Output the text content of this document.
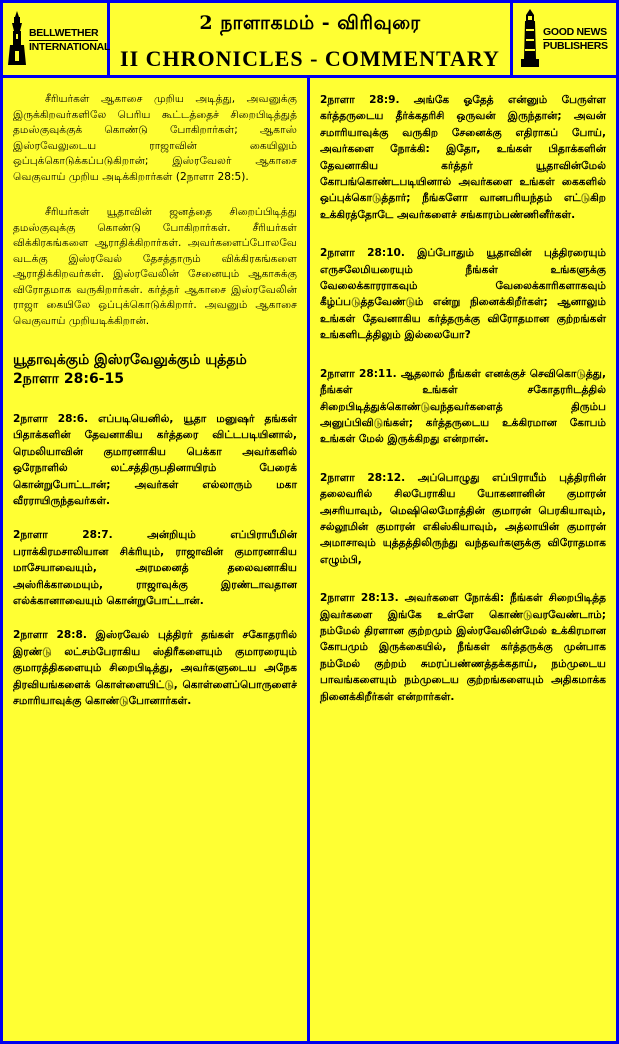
BELLWETHER
INTERNATIONAL
2 நாளாகமம் - விரிவுரை
II CHRONICLES - COMMENTARY
GOOD NEWS
PUBLISHERS

சீரியர்கள் ஆகாசை முறிய அடித்து, அவனுக்கு இருக்கிறவர்களிலே பெரிய கூட்டத்தைச் சிறைபிடித்துத் தமஸ்குவுக்குக் கொண்டு போகிறார்கள்; ஆகாஸ் இஸ்ரவேலுடைய ராஜாவின் கையிலும் ஒப்புக்கொடுக்கப்படுகிறான்; இஸ்ரவேலர் ஆகாசை வெகுவாய் முறிய அடிக்கிறார்கள் (2நாளா 28:5).

சீரியர்கள் யூதாவின் ஜனத்தை சிறைப்பிடித்து தமஸ்குவுக்கு கொண்டு போகிறார்கள். சீரியர்கள் விக்கிரகங்களை ஆராதிக்கிறார்கள். அவர்களைப்போலவே வடக்கு இஸ்ரவேல் தேசத்தாரும் விக்கிரகங்களை ஆராதிக்கிறவர்கள். இஸ்ரவேலின் சேனையும் ஆகாசுக்கு விரோதமாக வருகிறார்கள். கர்த்தர் ஆகாசை இஸ்ரவேலின் ராஜா கையிலே ஒப்புக்கொடுக்கிறார். அவனும் ஆகாசை வெகுவாய் முறியடிக்கிறான்.

யூதாவுக்கும் இஸ்ரவேலுக்கும் யுத்தம்
2நாளா 28:6-15

2நாளா 28:6. எப்படியெனில், யூதா மனுஷர் தங்கள் பிதாக்களின் தேவனாகிய கர்த்தரை விட்டபடியினால், ரெமலியாவின் குமாரனாகிய பெக்கா அவர்களில் ஒரேநாளில் லட்சத்திருபதினாயிரம் பேரைக் கொன்றுபோட்டான்; அவர்கள் எல்லாரும் மகா வீரராயிருந்தவர்கள்.

2நாளா 28:7. அன்றியும் எப்பிராயீமின் பராக்கிரமசாலியான சிக்ரியும், ராஜாவின் குமாரனாகிய மாசேயாவையும், அரமனைத் தலைவனாகிய அஸ்ரிக்காமையும், ராஜாவுக்கு இரண்டாவதான எல்க்கானாவையும் கொன்றுபோட்டான்.

2நாளா 28:8. இஸ்ரவேல் புத்திரர் தங்கள் சகோதரரில் இரண்டு லட்சம்பேராகிய ஸ்திரீகளையும் குமாரரையும் குமாரத்திகளையும் சிறைபிடித்து, அவர்களுடைய அநேக திரவியங்களைக் கொள்ளையிட்டு, கொள்ளைப்பொருளைச் சமாரியாவுக்கு கொண்டுபோனார்கள்.

2நாளா 28:9. அங்கே ஓதேத் என்னும் பேருள்ள கர்த்தருடைய தீர்க்கதரிசி ஒருவன் இருந்தான்; அவன் சமாரியாவுக்கு வருகிற சேனைக்கு எதிராகப் போய், அவர்களை நோக்கி: இதோ, உங்கள் பிதாக்களின் தேவனாகிய கர்த்தர் யூதாவின்மேல் கோபங்கொண்டபடியினால் அவர்களை உங்கள் கைகளில் ஒப்புக்கொடுத்தார்; நீங்களோ வானபரியந்தம் எட்டுகிற உக்கிரத்தோடே அவர்களைச் சங்காரம்பண்ணினீர்கள்.

2நாளா 28:10. இப்போதும் யூதாவின் புத்திரரையும் எருசலேமியரையும் நீங்கள் உங்களுக்கு வேலைக்காரராகவும் வேலைக்காரிகளாகவும் கீழ்ப்படுத்தவேண்டும் என்று நினைக்கிறீர்கள்; ஆனாலும் உங்கள் தேவனாகிய கர்த்தருக்கு விரோதமான குற்றங்கள் உங்களிடத்திலும் இல்லையோ?

2நாளா 28:11. ஆதலால் நீங்கள் எனக்குச் செவிகொடுத்து, நீங்கள் உங்கள் சகோதரரிடத்தில் சிறைபிடித்துக்கொண்டுவந்தவர்களைத் திரும்ப அனுப்பிவிடுங்கள்; கர்த்தருடைய உக்கிரமான கோபம் உங்கள் மேல் இருக்கிறது என்றான்.

2நாளா 28:12. அப்பொழுது எப்பிராயீம் புத்திரரின் தலைவரில் சிலபேராகிய யோகனானின் குமாரன் அசரியாவும், மெஷிலெமோத்தின் குமாரன் பெரகியாவும், சல்லூமின் குமாரன் எகிஸ்கியாவும், அத்லாயின் குமாரன் அமாசாவும் யுத்தத்திலிருந்து வந்தவர்களுக்கு விரோதமாக எழும்பி,

2நாளா 28:13. அவர்களை நோக்கி: நீங்கள் சிறைபிடித்த இவர்களை இங்கே உள்ளே கொண்டுவரவேண்டாம்; நம்மேல் திரளான குற்றமும் இஸ்ரவேலின்மேல் உக்கிரமான கோபமும் இருக்கையில், நீங்கள் கர்த்தருக்கு முன்பாக நம்மேல் குற்றம் சுமரப்பண்ணத்தக்கதாய், நம்முடைய பாவங்களையும் நம்முடைய குற்றங்களையும் அதிகமாக்க நினைக்கிறீர்கள் என்றார்கள்.
